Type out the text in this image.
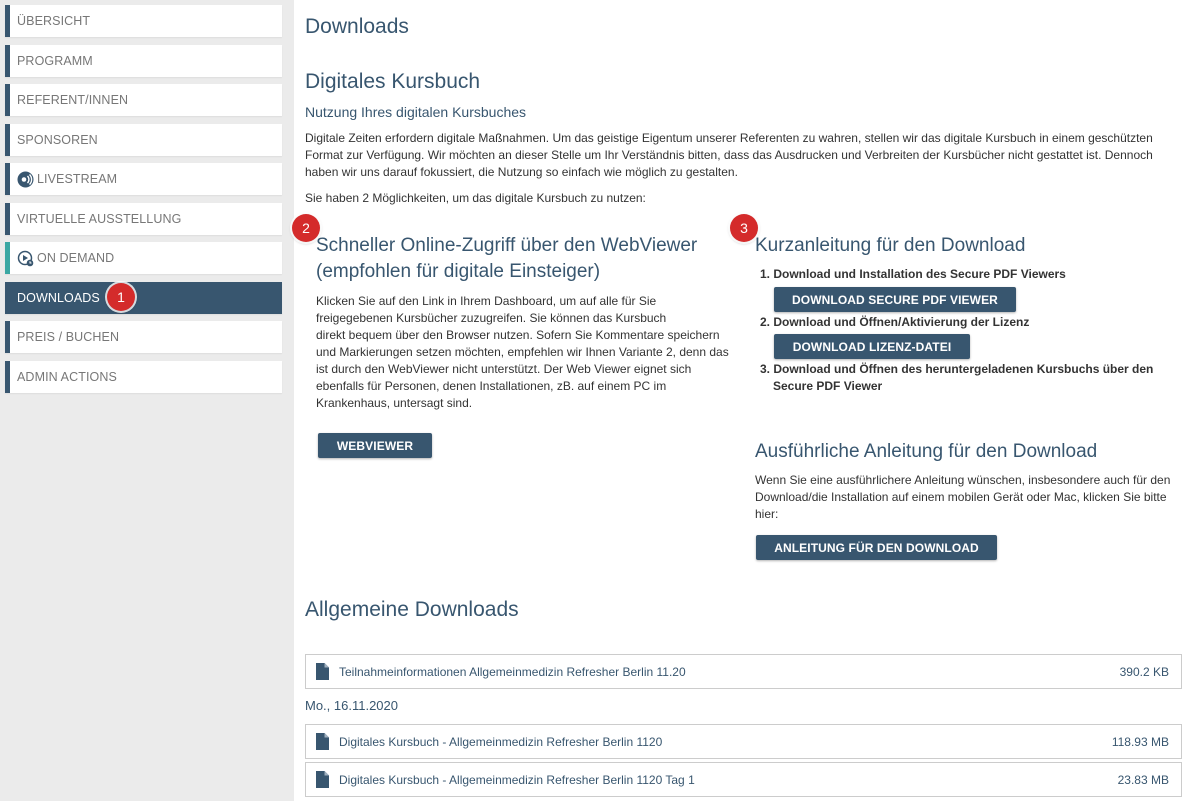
ÜBERSICHT
PROGRAMM
REFERENT/INNEN
SPONSOREN
LIVESTREAM
VIRTUELLE AUSSTELLUNG
ON DEMAND
DOWNLOADS
PREIS / BUCHEN
ADMIN ACTIONS
1
2	3
Downloads
Digitales Kursbuch
Nutzung Ihres digitalen Kursbuches
Digitale Zeiten erfordern digitale Maßnahmen. Um das geistige Eigentum unserer Referenten zu wahren, stellen wir das digitale Kursbuch in einem geschützten
Format zur Verfügung. Wir möchten an dieser Stelle um Ihr Verständnis bitten, dass das Ausdrucken und Verbreiten der Kursbücher nicht gestattet ist. Dennoch
haben wir uns darauf fokussiert, die Nutzung so einfach wie möglich zu gestalten.
Sie haben 2 Möglichkeiten, um das digitale Kursbuch zu nutzen:
Schneller Online-Zugriff über den WebViewer
(empfohlen für digitale Einsteiger)
Klicken Sie auf den Link in Ihrem Dashboard, um auf alle für Sie
freigegebenen Kursbücher zuzugreifen. Sie können das Kursbuch
direkt bequem über den Browser nutzen. Sofern Sie Kommentare speichern
und Markierungen setzen möchten, empfehlen wir Ihnen Variante 2, denn das
ist durch den WebViewer nicht unterstützt. Der Web Viewer eignet sich
ebenfalls für Personen, denen Installationen, zB. auf einem PC im
Krankenhaus, untersagt sind.
WEBVIEWER
Kurzanleitung für den Download
1. Download und Installation des Secure PDF Viewers
DOWNLOAD SECURE PDF VIEWER
2. Download und Öffnen/Aktivierung der Lizenz
DOWNLOAD LIZENZ-DATEI
3. Download und Öffnen des heruntergeladenen Kursbuchs über den
Secure PDF Viewer
Ausführliche Anleitung für den Download
Wenn Sie eine ausführlichere Anleitung wünschen, insbesondere auch für den
Download/die Installation auf einem mobilen Gerät oder Mac, klicken Sie bitte
hier:
ANLEITUNG FÜR DEN DOWNLOAD
Allgemeine Downloads
Teilnahmeinformationen Allgemeinmedizin Refresher Berlin 11.20	390.2 KB
Mo., 16.11.2020
Digitales Kursbuch - Allgemeinmedizin Refresher Berlin 1120	118.93 MB
Digitales Kursbuch - Allgemeinmedizin Refresher Berlin 1120 Tag 1	23.83 MB
